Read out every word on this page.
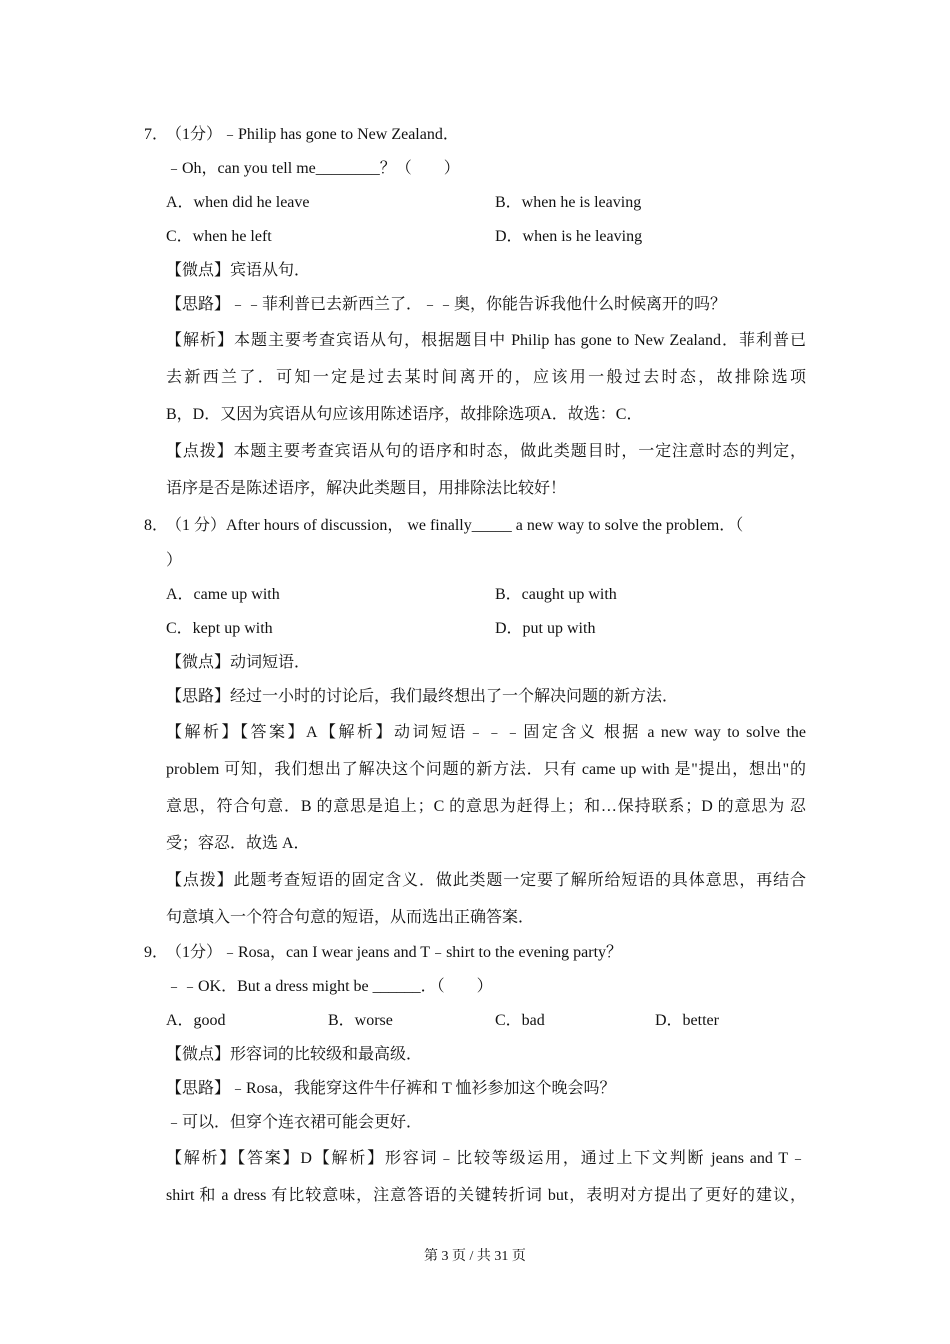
7．
（1分）﹣Philip has gone to New Zealand．
﹣Oh，can you tell me________？（　　）
A．when did he leave	B．when he is leaving
C．when he left	D．when is he leaving
【微点】宾语从句．
【思路】﹣﹣菲利普已去新西兰了．﹣﹣奥，你能告诉我他什么时候离开的吗？
【解析】本题主要考查宾语从句，根据题目中 Philip has gone to New Zealand．菲利普已
去新西兰了．可知一定是过去某时间离开的，应该用一般过去时态，故排除选项
B，D．又因为宾语从句应该用陈述语序，故排除选项A．故选：C．
【点拨】本题主要考查宾语从句的语序和时态，做此类题目时，一定注意时态的判定，
语序是否是陈述语序，解决此类题目，用排除法比较好！
8．
（1 分）After hours of discussion， we finally_____ a new way to solve the problem．（
）
A．came up with	B．caught up with
C．kept up with	D．put up with
【微点】动词短语．
【思路】经过一小时的讨论后，我们最终想出了一个解决问题的新方法．
【解析】【答案】A【解析】动词短语﹣﹣﹣固定含义 根据 a new way to solve the
problem 可知，我们想出了解决这个问题的新方法．只有 came up with 是"提出，想出"的
意思，符合句意．B 的意思是追上；C 的意思为赶得上；和…保持联系；D 的意思为 忍
受；容忍．故选 A．
【点拨】此题考查短语的固定含义．做此类题一定要了解所给短语的具体意思，再结合
句意填入一个符合句意的短语，从而选出正确答案．
9．
（1分）﹣Rosa，can I wear jeans and T﹣shirt to the evening party？
﹣﹣OK．But a dress might be ______．（　　）
A．good	B．worse	C．bad	D．better
【微点】形容词的比较级和最高级．
【思路】﹣Rosa，我能穿这件牛仔裤和 T 恤衫参加这个晚会吗？
﹣可以．但穿个连衣裙可能会更好．
【解析】【答案】D【解析】形容词﹣比较等级运用，通过上下文判断 jeans and T﹣
shirt 和 a dress 有比较意味，注意答语的关键转折词 but，表明对方提出了更好的建议，
第 3 页 / 共 31 页
